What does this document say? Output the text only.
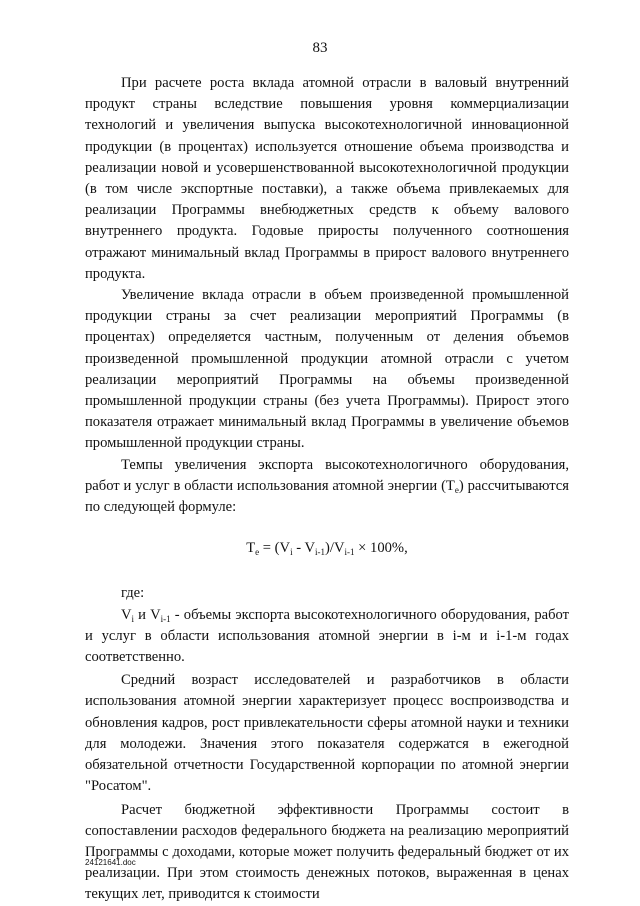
83

При расчете роста вклада атомной отрасли в валовый внутренний продукт страны вследствие повышения уровня коммерциализации технологий и увеличения выпуска высокотехнологичной инновационной продукции (в процентах) используется отношение объема производства и реализации новой и усовершенствованной высокотехнологичной продукции (в том числе экспортные поставки), а также объема привлекаемых для реализации Программы внебюджетных средств к объему валового внутреннего продукта. Годовые приросты полученного соотношения отражают минимальный вклад Программы в прирост валового внутреннего продукта.

Увеличение вклада отрасли в объем произведенной промышленной продукции страны за счет реализации мероприятий Программы (в процентах) определяется частным, полученным от деления объемов произведенной промышленной продукции атомной отрасли с учетом реализации мероприятий Программы на объемы произведенной промышленной продукции страны (без учета Программы). Прирост этого показателя отражает минимальный вклад Программы в увеличение объемов промышленной продукции страны.

Темпы увеличения экспорта высокотехнологичного оборудования, работ и услуг в области использования атомной энергии $(T_e)$ рассчитываются по следующей формуле:

$T_e = (V_i - V_{i-1})/V_{i-1} \times 100\%$,
где:

$V_i$ и $V_{i-1}$ - объемы экспорта высокотехнологичного оборудования, работ и услуг в области использования атомной энергии в i-м и i-1-м годах соответственно.

Средний возраст исследователей и разработчиков в области использования атомной энергии характеризует процесс воспроизводства и обновления кадров, рост привлекательности сферы атомной науки и техники для молодежи. Значения этого показателя содержатся в ежегодной обязательной отчетности Государственной корпорации по атомной энергии "Росатом".

Расчет бюджетной эффективности Программы состоит в сопоставлении расходов федерального бюджета на реализацию мероприятий Программы с доходами, которые может получить федеральный бюджет от их реализации. При этом стоимость денежных потоков, выраженная в ценах текущих лет, приводится к стоимости

24121641.doc
